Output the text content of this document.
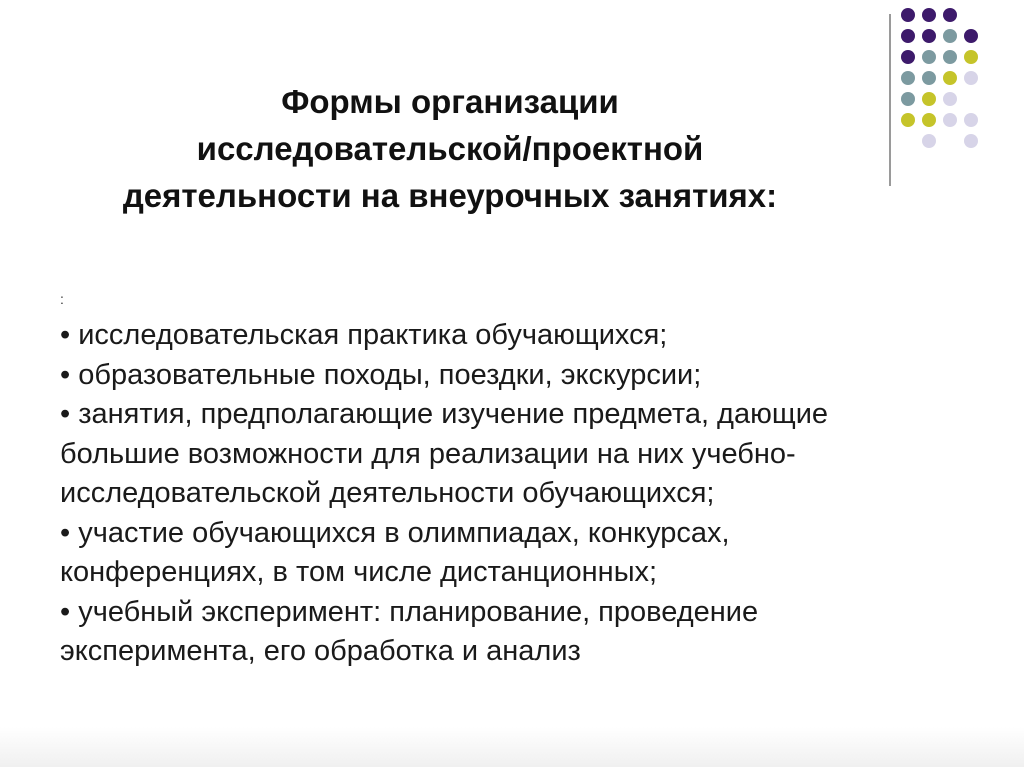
Формы организации
исследовательской/проектной
деятельности на внеурочных занятиях:
:
• исследовательская практика обучающихся;
• образовательные походы, поездки, экскурсии;
• занятия, предполагающие изучение предмета, дающие
большие возможности для реализации на них учебно-
исследовательской деятельности обучающихся;
• участие обучающихся в олимпиадах, конкурсах,
конференциях, в том числе дистанционных;
• учебный эксперимент: планирование, проведение
эксперимента, его обработка и анализ
